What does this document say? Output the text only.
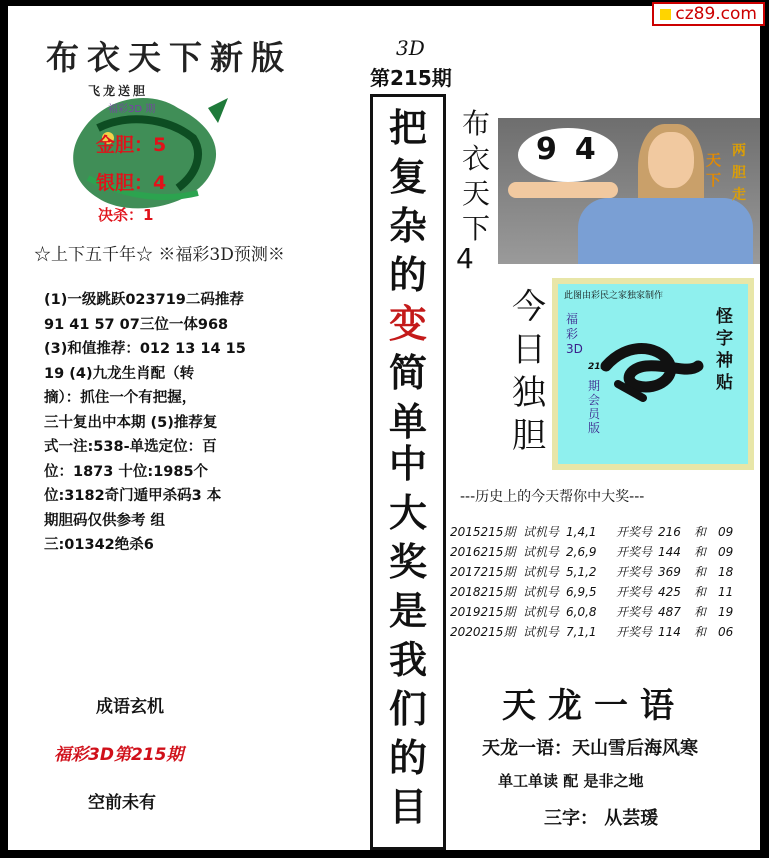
布衣天下新版
飞龙送胆
福彩3D 期
金胆：5
银胆：4
决杀：1
☆上下五千年☆ ※福彩3D预测※
(1)一级跳跃023719二码推荐
91 41 57 07三位一体968
(3)和值推荐：012 13 14 15
19 (4)九龙生肖配（转
摘）：抓住一个有把握，
三十复出中本期 (5)推荐复
式一注:538-单选定位：百
位：1873 十位:1985个
位:3182奇门遁甲杀码3 本
期胆码仅供参考 组
三:01342绝杀6
成语玄机
福彩3D第215期
空前未有
3D
第215期
把
复
杂
的
变
简
单
中
大
奖
是
我
们
的
目
布
衣
天
下
4
94	天下
两胆走
今
日
独
胆
此图由彩民之家独家制作
福彩3D
215
期会员版
怪
字
神
贴
---历史上的今天帮你中大奖---
2015215期 试机号 1,4,1	开奖号 216	和 09
2016215期 试机号 2,6,9	开奖号 144	和 09
2017215期 试机号 5,1,2	开奖号 369	和 18
2018215期 试机号 6,9,5	开奖号 425	和 11
2019215期 试机号 6,0,8	开奖号 487	和 19
2020215期 试机号 7,1,1	开奖号 114	和 06
天龙一语
天龙一语：天山雪后海风寒
单工单读 配 是非之地
三字： 从芸瑗
cz89.com
